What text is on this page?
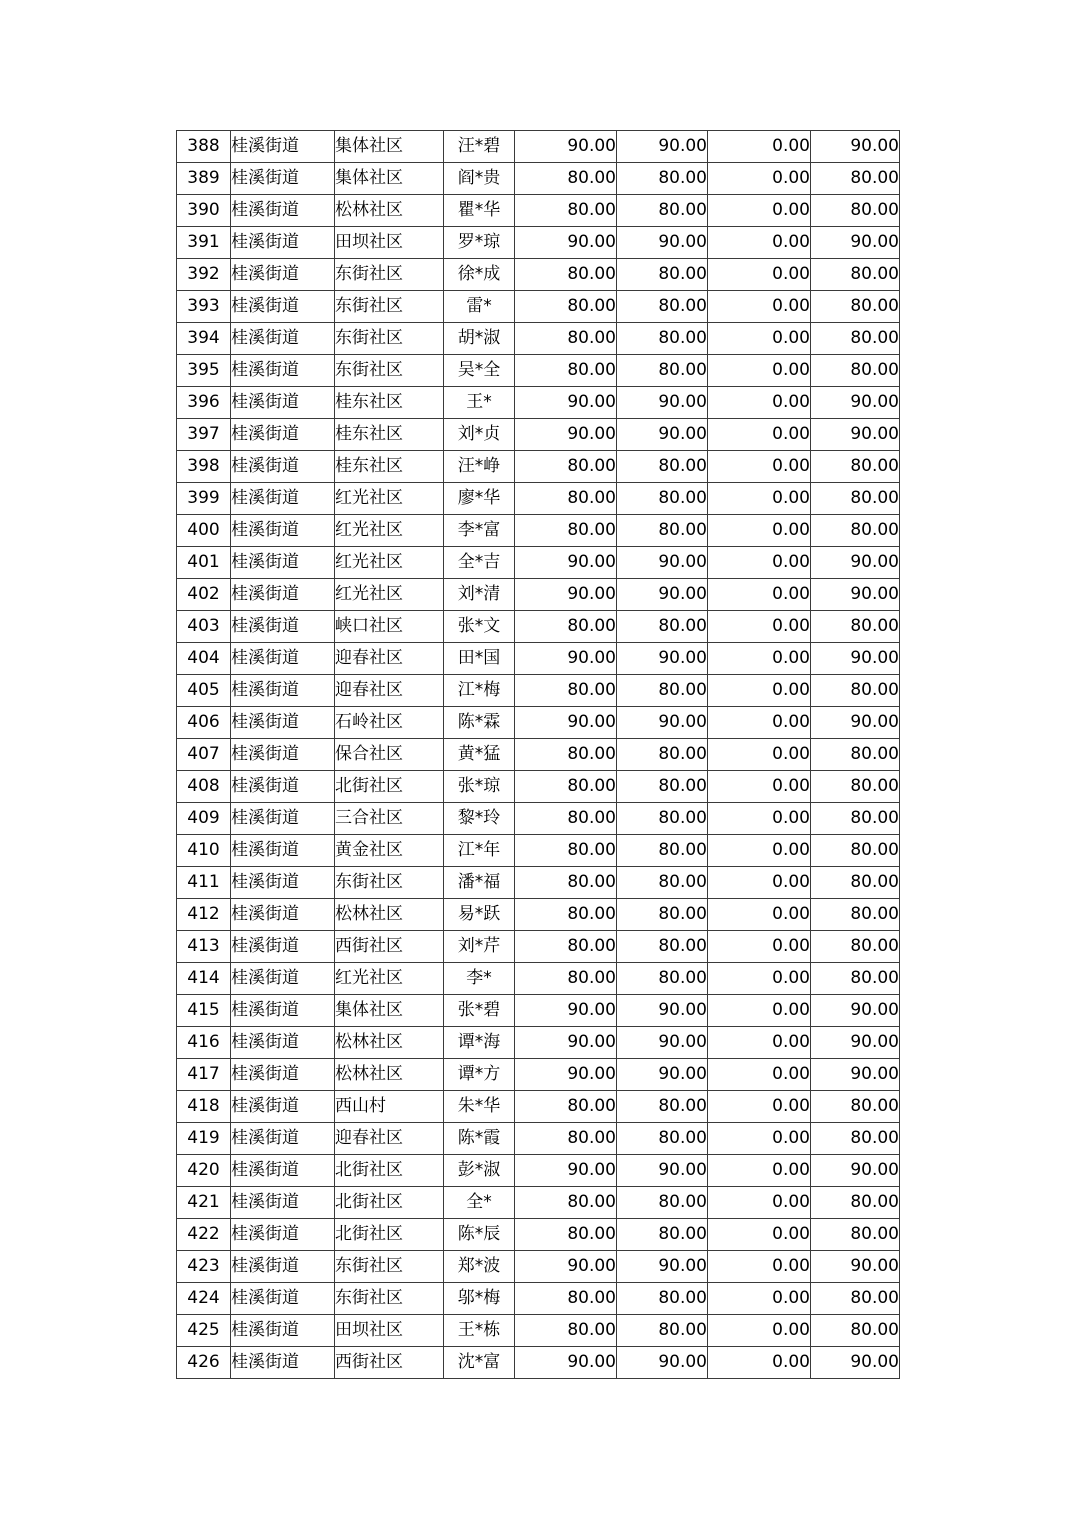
388	桂溪街道	集体社区	汪*碧	90.00	90.00	0.00	90.00
389	桂溪街道	集体社区	阎*贵	80.00	80.00	0.00	80.00
390	桂溪街道	松林社区	瞿*华	80.00	80.00	0.00	80.00
391	桂溪街道	田坝社区	罗*琼	90.00	90.00	0.00	90.00
392	桂溪街道	东街社区	徐*成	80.00	80.00	0.00	80.00
393	桂溪街道	东街社区	雷*	80.00	80.00	0.00	80.00
394	桂溪街道	东街社区	胡*淑	80.00	80.00	0.00	80.00
395	桂溪街道	东街社区	吴*全	80.00	80.00	0.00	80.00
396	桂溪街道	桂东社区	王*	90.00	90.00	0.00	90.00
397	桂溪街道	桂东社区	刘*贞	90.00	90.00	0.00	90.00
398	桂溪街道	桂东社区	汪*峥	80.00	80.00	0.00	80.00
399	桂溪街道	红光社区	廖*华	80.00	80.00	0.00	80.00
400	桂溪街道	红光社区	李*富	80.00	80.00	0.00	80.00
401	桂溪街道	红光社区	全*吉	90.00	90.00	0.00	90.00
402	桂溪街道	红光社区	刘*清	90.00	90.00	0.00	90.00
403	桂溪街道	峡口社区	张*文	80.00	80.00	0.00	80.00
404	桂溪街道	迎春社区	田*国	90.00	90.00	0.00	90.00
405	桂溪街道	迎春社区	江*梅	80.00	80.00	0.00	80.00
406	桂溪街道	石岭社区	陈*霖	90.00	90.00	0.00	90.00
407	桂溪街道	保合社区	黄*猛	80.00	80.00	0.00	80.00
408	桂溪街道	北街社区	张*琼	80.00	80.00	0.00	80.00
409	桂溪街道	三合社区	黎*玲	80.00	80.00	0.00	80.00
410	桂溪街道	黄金社区	江*年	80.00	80.00	0.00	80.00
411	桂溪街道	东街社区	潘*福	80.00	80.00	0.00	80.00
412	桂溪街道	松林社区	易*跃	80.00	80.00	0.00	80.00
413	桂溪街道	西街社区	刘*芹	80.00	80.00	0.00	80.00
414	桂溪街道	红光社区	李*	80.00	80.00	0.00	80.00
415	桂溪街道	集体社区	张*碧	90.00	90.00	0.00	90.00
416	桂溪街道	松林社区	谭*海	90.00	90.00	0.00	90.00
417	桂溪街道	松林社区	谭*方	90.00	90.00	0.00	90.00
418	桂溪街道	西山村	朱*华	80.00	80.00	0.00	80.00
419	桂溪街道	迎春社区	陈*霞	80.00	80.00	0.00	80.00
420	桂溪街道	北街社区	彭*淑	90.00	90.00	0.00	90.00
421	桂溪街道	北街社区	全*	80.00	80.00	0.00	80.00
422	桂溪街道	北街社区	陈*辰	80.00	80.00	0.00	80.00
423	桂溪街道	东街社区	郑*波	90.00	90.00	0.00	90.00
424	桂溪街道	东街社区	邬*梅	80.00	80.00	0.00	80.00
425	桂溪街道	田坝社区	王*栋	80.00	80.00	0.00	80.00
426	桂溪街道	西街社区	沈*富	90.00	90.00	0.00	90.00
